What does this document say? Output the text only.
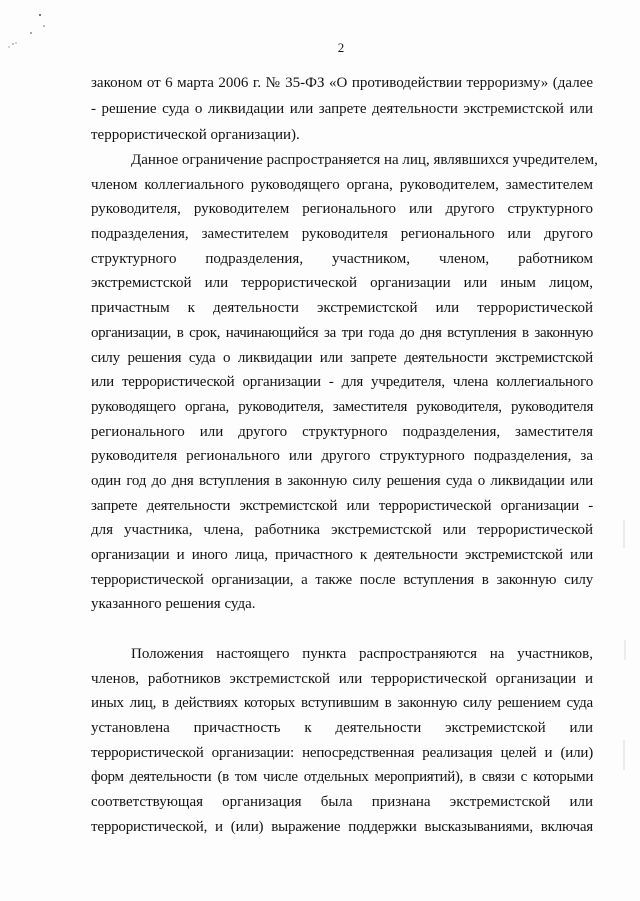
2
законом от 6 марта 2006 г. № 35-ФЗ «О противодействии терроризму» (далее
- решение суда о ликвидации или запрете деятельности экстремистской или
террористической организации).
Данное ограничение распространяется на лиц, являвшихся учредителем,
членом коллегиального руководящего органа, руководителем, заместителем
руководителя, руководителем регионального или другого структурного
подразделения, заместителем руководителя регионального или другого
структурного подразделения, участником, членом, работником
экстремистской или террористической организации или иным лицом,
причастным к деятельности экстремистской или террористической
организации, в срок, начинающийся за три года до дня вступления в законную
силу решения суда о ликвидации или запрете деятельности экстремистской
или террористической организации - для учредителя, члена коллегиального
руководящего органа, руководителя, заместителя руководителя, руководителя
регионального или другого структурного подразделения, заместителя
руководителя регионального или другого структурного подразделения, за
один год до дня вступления в законную силу решения суда о ликвидации или
запрете деятельности экстремистской или террористической организации -
для участника, члена, работника экстремистской или террористической
организации и иного лица, причастного к деятельности экстремистской или
террористической организации, а также после вступления в законную силу
указанного решения суда.
Положения настоящего пункта распространяются на участников,
членов, работников экстремистской или террористической организации и
иных лиц, в действиях которых вступившим в законную силу решением суда
установлена причастность к деятельности экстремистской или
террористической организации: непосредственная реализация целей и (или)
форм деятельности (в том числе отдельных мероприятий), в связи с которыми
соответствующая организация была признана экстремистской или
террористической, и (или) выражение поддержки высказываниями, включая
